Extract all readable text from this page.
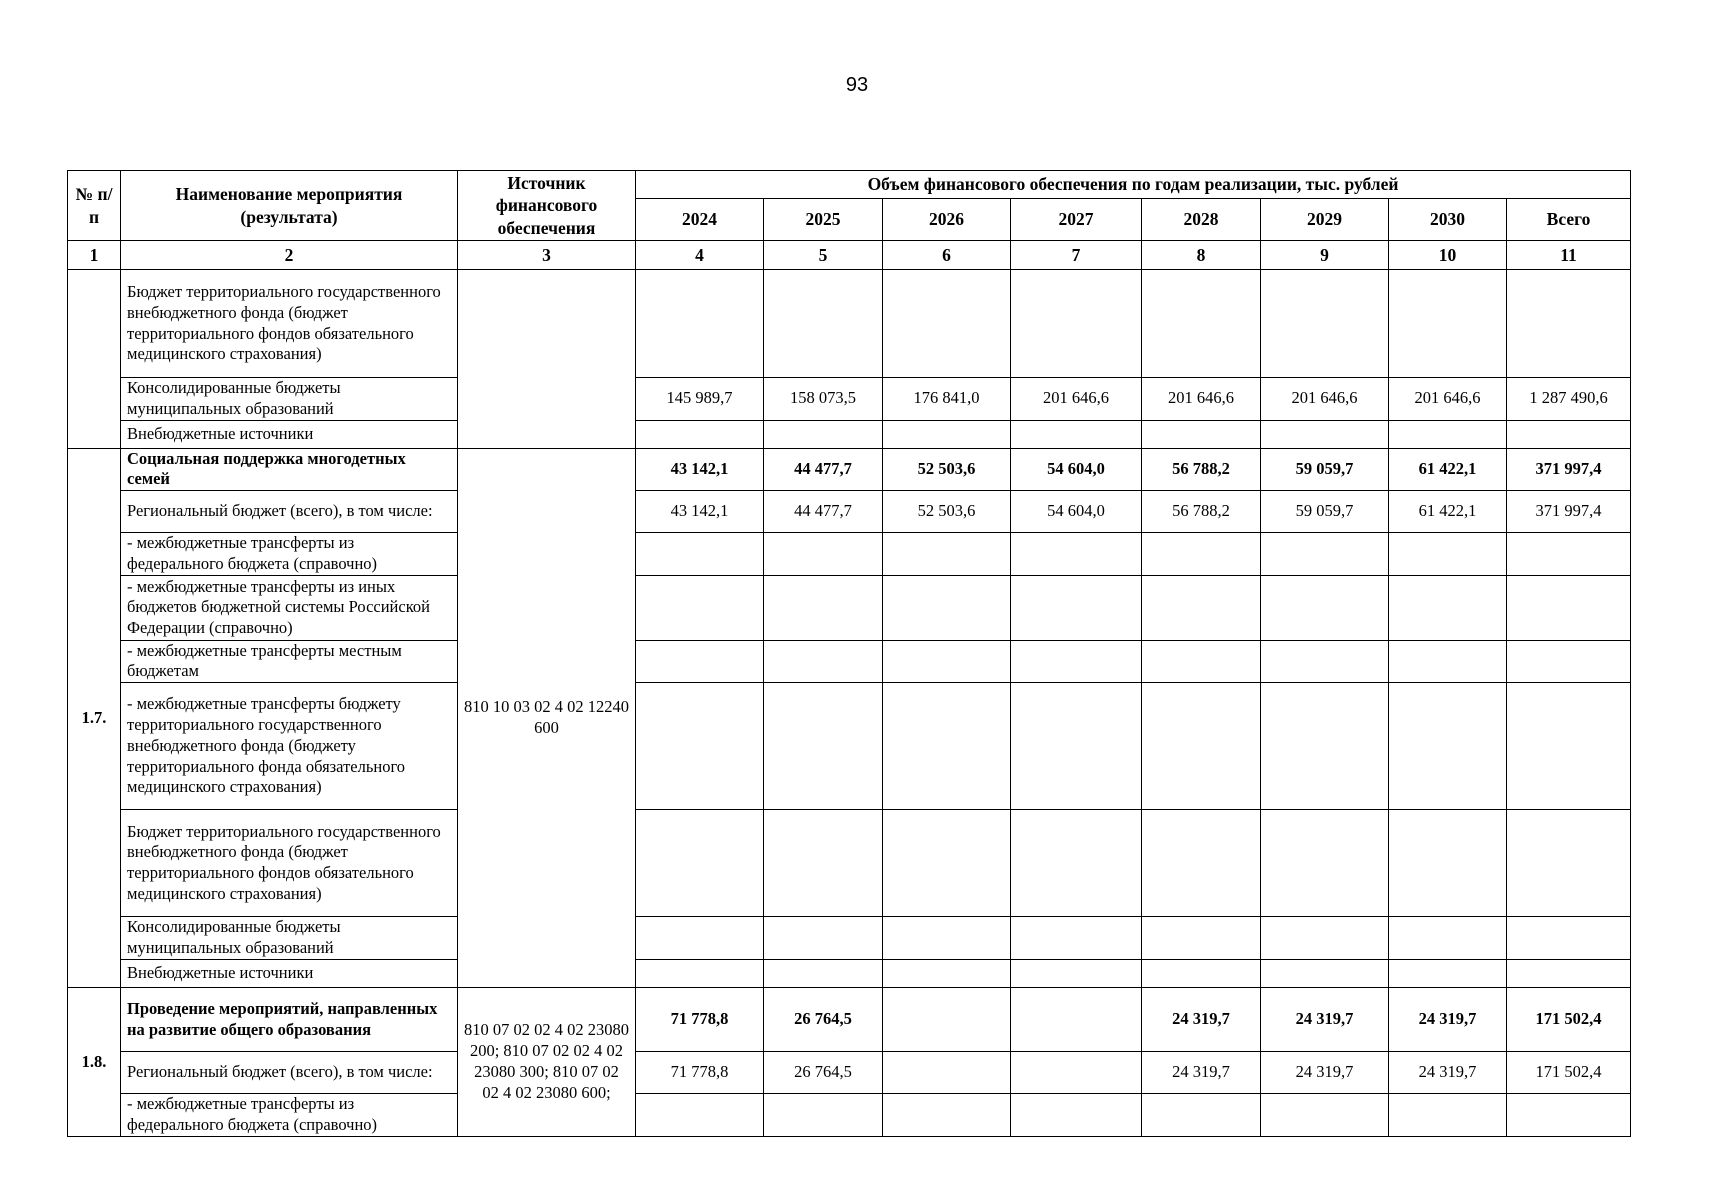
93
№ п/п	Наименование мероприятия (результата)	Источник финансового обеспечения	Объем финансового обеспечения по годам реализации, тыс. рублей							
			2024	2025	2026	2027	2028	2029	2030	Всего
1	2	3	4	5	6	7	8	9	10	11
	Бюджет территориального государственного внебюджетного фонда (бюджет территориального фондов обязательного медицинского страхования)									
	Консолидированные бюджеты муниципальных образований		145 989,7	158 073,5	176 841,0	201 646,6	201 646,6	201 646,6	201 646,6	1 287 490,6
	Внебюджетные источники									
1.7.	Социальная поддержка многодетных семей	810 10 03 02 4 02 12240 600	43 142,1	44 477,7	52 503,6	54 604,0	56 788,2	59 059,7	61 422,1	371 997,4
	Региональный бюджет (всего), в том числе:		43 142,1	44 477,7	52 503,6	54 604,0	56 788,2	59 059,7	61 422,1	371 997,4
	- межбюджетные трансферты из федерального бюджета (справочно)									
	- межбюджетные трансферты из иных бюджетов бюджетной системы Российской Федерации (справочно)									
	- межбюджетные трансферты местным бюджетам									
	- межбюджетные трансферты бюджету территориального государственного внебюджетного фонда (бюджету территориального фонда обязательного медицинского страхования)									
	Бюджет территориального государственного внебюджетного фонда (бюджет территориального фондов обязательного медицинского страхования)									
	Консолидированные бюджеты муниципальных образований									
	Внебюджетные источники									
1.8.	Проведение мероприятий, направленных на развитие общего образования	810 07 02 02 4 02 23080 200; 810 07 02 02 4 02 23080 300; 810 07 02 02 4 02 23080 600;	71 778,8	26 764,5			24 319,7	24 319,7	24 319,7	171 502,4
	Региональный бюджет (всего), в том числе:		71 778,8	26 764,5			24 319,7	24 319,7	24 319,7	171 502,4
	- межбюджетные трансферты из федерального бюджета (справочно)									
